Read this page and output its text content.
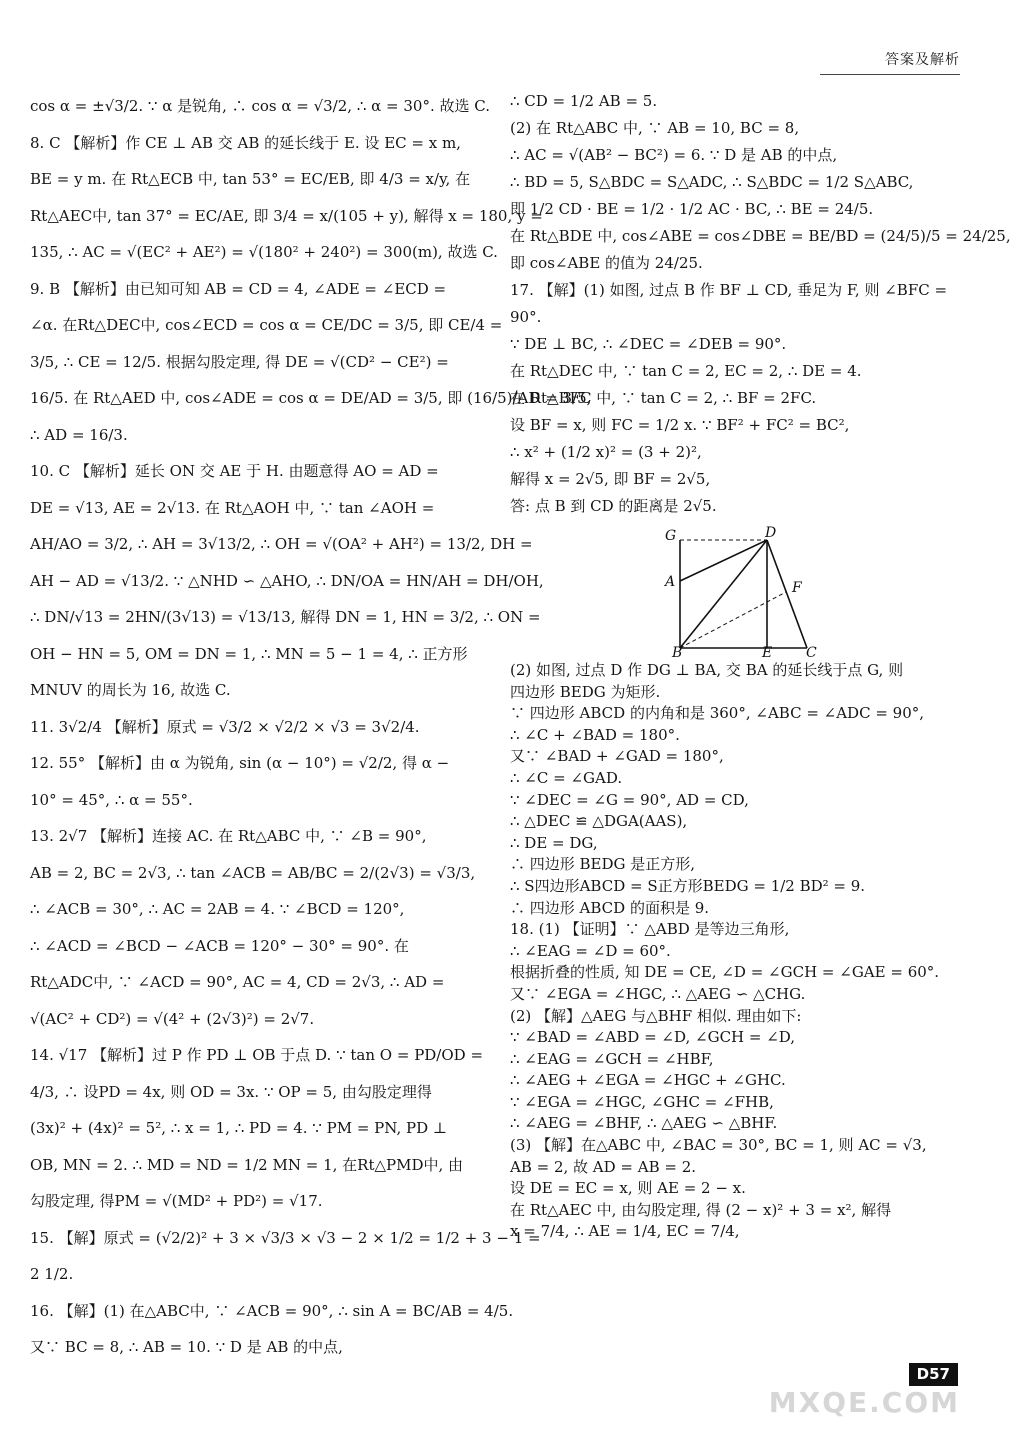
答案及解析
cos α = ±√3/2. ∵ α 是锐角, ∴ cos α = √3/2, ∴ α = 30°. 故选 C.
8. C 【解析】作 CE ⊥ AB 交 AB 的延长线于 E. 设 EC = x m,
BE = y m. 在 Rt△ECB 中, tan 53° = EC/EB, 即 4/3 = x/y, 在
Rt△AEC中, tan 37° = EC/AE, 即 3/4 = x/(105 + y), 解得 x = 180, y =
135, ∴ AC = √(EC² + AE²) = √(180² + 240²) = 300(m), 故选 C.
9. B 【解析】由已知可知 AB = CD = 4, ∠ADE = ∠ECD =
∠α. 在Rt△DEC中, cos∠ECD = cos α = CE/DC = 3/5, 即 CE/4 =
3/5, ∴ CE = 12/5. 根据勾股定理, 得 DE = √(CD² − CE²) =
16/5. 在 Rt△AED 中, cos∠ADE = cos α = DE/AD = 3/5, 即 (16/5)/AD = 3/5,
∴ AD = 16/3.
10. C 【解析】延长 ON 交 AE 于 H. 由题意得 AO = AD =
DE = √13, AE = 2√13. 在 Rt△AOH 中, ∵ tan ∠AOH =
AH/AO = 3/2, ∴ AH = 3√13/2, ∴ OH = √(OA² + AH²) = 13/2, DH =
AH − AD = √13/2. ∵ △NHD ∽ △AHO, ∴ DN/OA = HN/AH = DH/OH,
∴ DN/√13 = 2HN/(3√13) = √13/13, 解得 DN = 1, HN = 3/2, ∴ ON =
OH − HN = 5, OM = DN = 1, ∴ MN = 5 − 1 = 4, ∴ 正方形
MNUV 的周长为 16, 故选 C.
11. 3√2/4 【解析】原式 = √3/2 × √2/2 × √3 = 3√2/4.
12. 55° 【解析】由 α 为锐角, sin (α − 10°) = √2/2, 得 α −
10° = 45°, ∴ α = 55°.
13. 2√7 【解析】连接 AC. 在 Rt△ABC 中, ∵ ∠B = 90°,
AB = 2, BC = 2√3, ∴ tan ∠ACB = AB/BC = 2/(2√3) = √3/3,
∴ ∠ACB = 30°, ∴ AC = 2AB = 4. ∵ ∠BCD = 120°,
∴ ∠ACD = ∠BCD − ∠ACB = 120° − 30° = 90°. 在
Rt△ADC中, ∵ ∠ACD = 90°, AC = 4, CD = 2√3, ∴ AD =
√(AC² + CD²) = √(4² + (2√3)²) = 2√7.
14. √17 【解析】过 P 作 PD ⊥ OB 于点 D. ∵ tan O = PD/OD =
4/3, ∴ 设PD = 4x, 则 OD = 3x. ∵ OP = 5, 由勾股定理得
(3x)² + (4x)² = 5², ∴ x = 1, ∴ PD = 4. ∵ PM = PN, PD ⊥
OB, MN = 2. ∴ MD = ND = 1/2 MN = 1, 在Rt△PMD中, 由
勾股定理, 得PM = √(MD² + PD²) = √17.
15. 【解】原式 = (√2/2)² + 3 × √3/3 × √3 − 2 × 1/2 = 1/2 + 3 − 1 =
2 1/2.
16. 【解】(1) 在△ABC中, ∵ ∠ACB = 90°, ∴ sin A = BC/AB = 4/5.
又∵ BC = 8, ∴ AB = 10. ∵ D 是 AB 的中点,
∴ CD = 1/2 AB = 5.
(2) 在 Rt△ABC 中, ∵ AB = 10, BC = 8,
∴ AC = √(AB² − BC²) = 6. ∵ D 是 AB 的中点,
∴ BD = 5, S△BDC = S△ADC, ∴ S△BDC = 1/2 S△ABC,
即 1/2 CD · BE = 1/2 · 1/2 AC · BC, ∴ BE = 24/5.
在 Rt△BDE 中, cos∠ABE = cos∠DBE = BE/BD = (24/5)/5 = 24/25,
即 cos∠ABE 的值为 24/25.
17. 【解】(1) 如图, 过点 B 作 BF ⊥ CD, 垂足为 F, 则 ∠BFC =
90°.
∵ DE ⊥ BC, ∴ ∠DEC = ∠DEB = 90°.
在 Rt△DEC 中, ∵ tan C = 2, EC = 2, ∴ DE = 4.
在 Rt△BFC 中, ∵ tan C = 2, ∴ BF = 2FC.
设 BF = x, 则 FC = 1/2 x. ∵ BF² + FC² = BC²,
∴ x² + (1/2 x)² = (3 + 2)²,
解得 x = 2√5, 即 BF = 2√5,
答: 点 B 到 CD 的距离是 2√5.
G	D
A	F
B	E C
(2) 如图, 过点 D 作 DG ⊥ BA, 交 BA 的延长线于点 G, 则
四边形 BEDG 为矩形.
∵ 四边形 ABCD 的内角和是 360°, ∠ABC = ∠ADC = 90°,
∴ ∠C + ∠BAD = 180°.
又∵ ∠BAD + ∠GAD = 180°,
∴ ∠C = ∠GAD.
∵ ∠DEC = ∠G = 90°, AD = CD,
∴ △DEC ≌ △DGA(AAS),
∴ DE = DG,
∴ 四边形 BEDG 是正方形,
∴ S四边形ABCD = S正方形BEDG = 1/2 BD² = 9.
∴ 四边形 ABCD 的面积是 9.
18. (1) 【证明】∵ △ABD 是等边三角形,
∴ ∠EAG = ∠D = 60°.
根据折叠的性质, 知 DE = CE, ∠D = ∠GCH = ∠GAE = 60°.
又∵ ∠EGA = ∠HGC, ∴ △AEG ∽ △CHG.
(2) 【解】△AEG 与△BHF 相似. 理由如下:
∵ ∠BAD = ∠ABD = ∠D, ∠GCH = ∠D,
∴ ∠EAG = ∠GCH = ∠HBF,
∴ ∠AEG + ∠EGA = ∠HGC + ∠GHC.
∵ ∠EGA = ∠HGC, ∠GHC = ∠FHB,
∴ ∠AEG = ∠BHF, ∴ △AEG ∽ △BHF.
(3) 【解】在△ABC 中, ∠BAC = 30°, BC = 1, 则 AC = √3,
AB = 2, 故 AD = AB = 2.
设 DE = EC = x, 则 AE = 2 − x.
在 Rt△AEC 中, 由勾股定理, 得 (2 − x)² + 3 = x², 解得
x = 7/4, ∴ AE = 1/4, EC = 7/4,
D57
MXQE.COM
